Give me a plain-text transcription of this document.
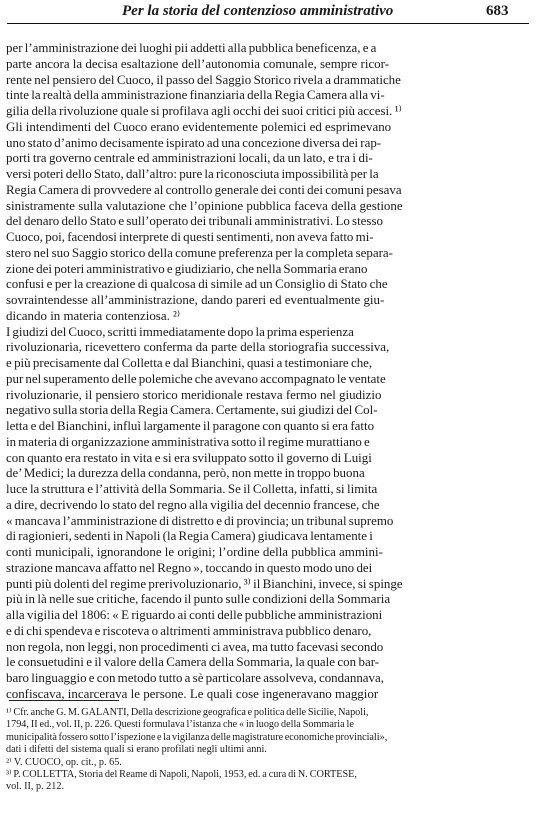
Per la storia del contenzioso amministrativo	683
per l’amministrazione dei luoghi pii addetti alla pubblica beneficenza, e a
parte ancora la decisa esaltazione dell’autonomia comunale, sempre ricor-
rente nel pensiero del Cuoco, il passo del Saggio Storico rivela a drammatiche
tinte la realtà della amministrazione finanziaria della Regia Camera alla vi-
gilia della rivoluzione quale si profilava agli occhi dei suoi critici più accesi. ¹⁾
Gli intendimenti del Cuoco erano evidentemente polemici ed esprimevano
uno stato d’animo decisamente ispirato ad una concezione diversa dei rap-
porti tra governo centrale ed amministrazioni locali, da un lato, e tra i di-
versi poteri dello Stato, dall’altro: pure la riconosciuta impossibilità per la
Regia Camera di provvedere al controllo generale dei conti dei comuni pesava
sinistramente sulla valutazione che l’opinione pubblica faceva della gestione
del denaro dello Stato e sull’operato dei tribunali amministrativi. Lo stesso
Cuoco, poi, facendosi interprete di questi sentimenti, non aveva fatto mi-
stero nel suo Saggio storico della comune preferenza per la completa separa-
zione dei poteri amministrativo e giudiziario, che nella Sommaria erano
confusi e per la creazione di qualcosa di simile ad un Consiglio di Stato che
sovraintendesse all’amministrazione, dando pareri ed eventualmente giu-
dicando in materia contenziosa. ²⁾
I giudizi del Cuoco, scritti immediatamente dopo la prima esperienza
rivoluzionaria, ricevettero conferma da parte della storiografia successiva,
e più precisamente dal Colletta e dal Bianchini, quasi a testimoniare che,
pur nel superamento delle polemiche che avevano accompagnato le ventate
rivoluzionarie, il pensiero storico meridionale restava fermo nel giudizio
negativo sulla storia della Regia Camera. Certamente, sui giudizi del Col-
letta e del Bianchini, influì largamente il paragone con quanto si era fatto
in materia di organizzazione amministrativa sotto il regime murattiano e
con quanto era restato in vita e si era sviluppato sotto il governo di Luigi
de’ Medici; la durezza della condanna, però, non mette in troppo buona
luce la struttura e l’attività della Sommaria. Se il Colletta, infatti, si limita
a dire, decrivendo lo stato del regno alla vigilia del decennio francese, che
« mancava l’amministrazione di distretto e di provincia; un tribunal supremo
di ragionieri, sedenti in Napoli (la Regia Camera) giudicava lentamente i
conti municipali, ignorandone le origini; l’ordine della pubblica ammini-
strazione mancava affatto nel Regno », toccando in questo modo uno dei
punti più dolenti del regime prerivoluzionario, ³⁾ il Bianchini, invece, si spinge
più in là nelle sue critiche, facendo il punto sulle condizioni della Sommaria
alla vigilia del 1806: « E riguardo ai conti delle pubbliche amministrazioni
e di chi spendeva e riscoteva o altrimenti amministrava pubblico denaro,
non regola, non leggi, non procedimenti ci avea, ma tutto facevasi secondo
le consuetudini e il valore della Camera della Sommaria, la quale con bar-
baro linguaggio e con metodo tutto a sè particolare assolveva, condannava,
confiscava, incarcerava le persone. Le quali cose ingeneravano maggior
¹⁾ Cfr. anche G. M. GALANTI, Della descrizione geografica e politica delle Sicilie, Napoli,
1794, II ed., vol. II, p. 226. Questi formulava l’istanza che « in luogo della Sommaria le
municipalità fossero sotto l’ispezione e la vigilanza delle magistrature economiche provinciali»,
dati i difetti del sistema quali si erano profilati negli ultimi anni.
²⁾ V. CUOCO, op. cit., p. 65.
³⁾ P. COLLETTA, Storia del Reame di Napoli, Napoli, 1953, ed. a cura di N. CORTESE,
vol. II, p. 212.
